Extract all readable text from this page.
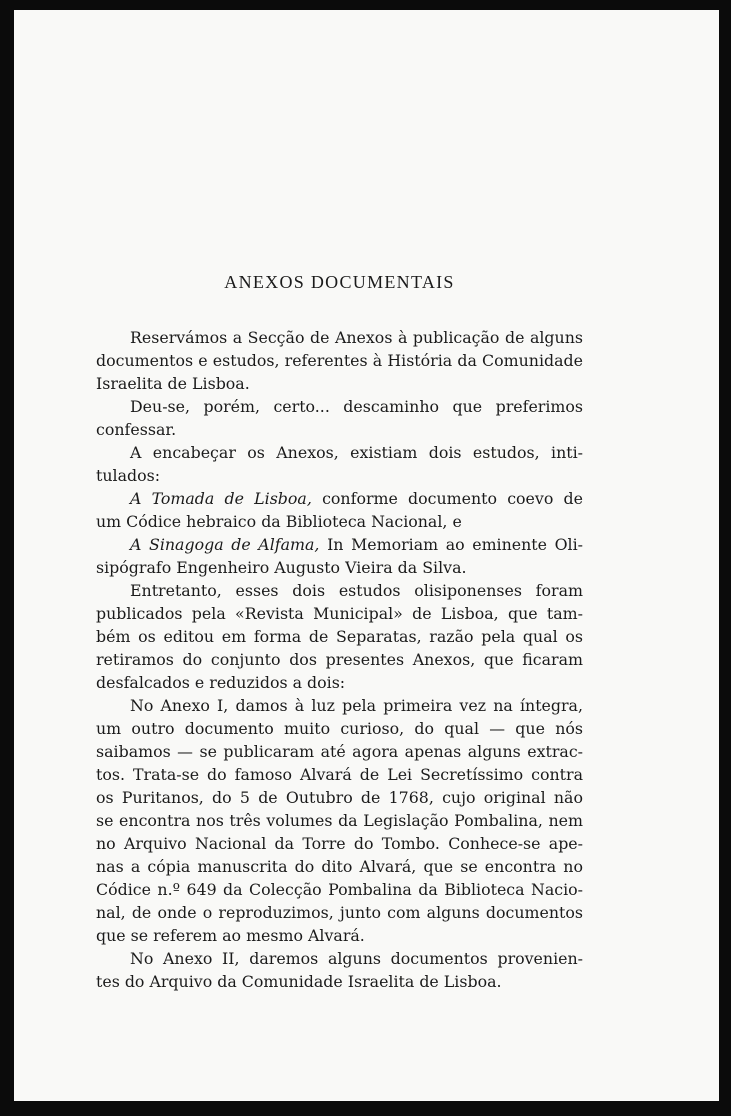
ANEXOS DOCUMENTAIS
Reservámos a Secção de Anexos à publicação de alguns
documentos e estudos, referentes à História da Comunidade
Israelita de Lisboa.
Deu-se, porém, certo... descaminho que preferimos
confessar.
A encabeçar os Anexos, existiam dois estudos, inti-
tulados:
A Tomada de Lisboa, conforme documento coevo de
um Códice hebraico da Biblioteca Nacional, e
A Sinagoga de Alfama, In Memoriam ao eminente Oli-
sipógrafo Engenheiro Augusto Vieira da Silva.
Entretanto, esses dois estudos olisiponenses foram
publicados pela «Revista Municipal» de Lisboa, que tam-
bém os editou em forma de Separatas, razão pela qual os
retiramos do conjunto dos presentes Anexos, que ficaram
desfalcados e reduzidos a dois:
No Anexo I, damos à luz pela primeira vez na íntegra,
um outro documento muito curioso, do qual — que nós
saibamos — se publicaram até agora apenas alguns extrac-
tos. Trata-se do famoso Alvará de Lei Secretíssimo contra
os Puritanos, do 5 de Outubro de 1768, cujo original não
se encontra nos três volumes da Legislação Pombalina, nem
no Arquivo Nacional da Torre do Tombo. Conhece-se ape-
nas a cópia manuscrita do dito Alvará, que se encontra no
Códice n.º 649 da Colecção Pombalina da Biblioteca Nacio-
nal, de onde o reproduzimos, junto com alguns documentos
que se referem ao mesmo Alvará.
No Anexo II, daremos alguns documentos provenien-
tes do Arquivo da Comunidade Israelita de Lisboa.
